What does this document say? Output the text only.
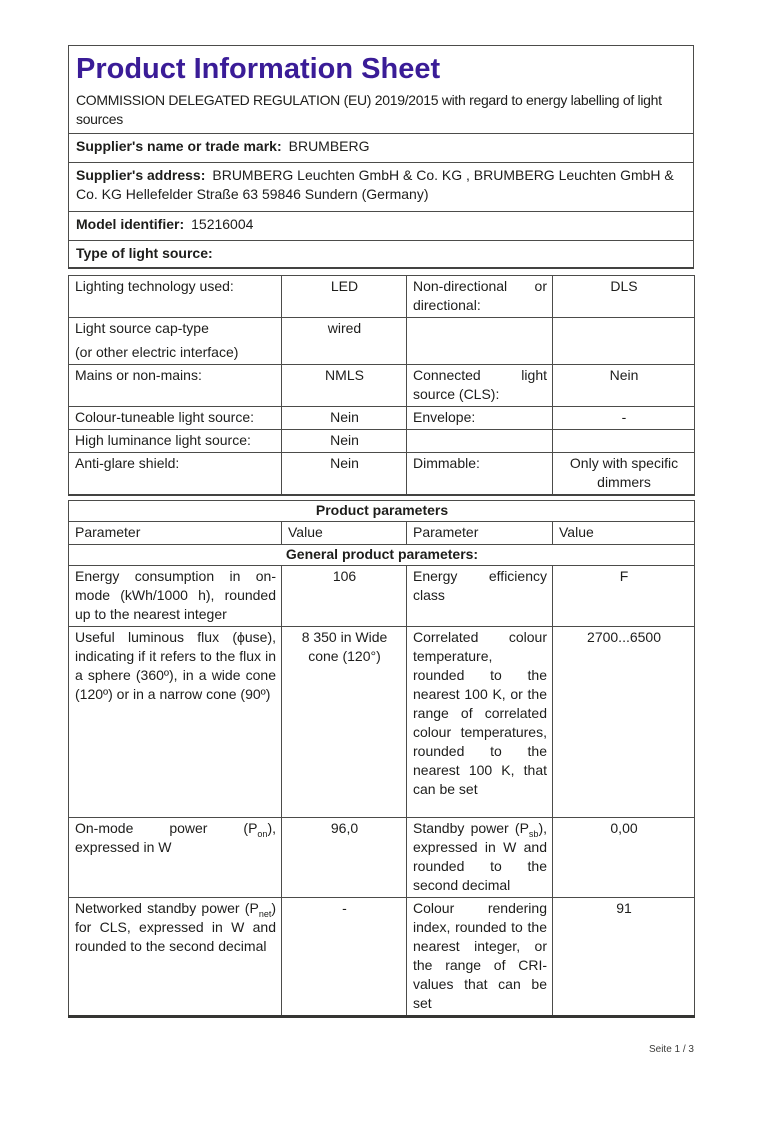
Product Information Sheet
COMMISSION DELEGATED REGULATION (EU) 2019/2015 with regard to energy labelling of light sources

Supplier's name or trade mark: BRUMBERG
Supplier's address: BRUMBERG Leuchten GmbH & Co. KG , BRUMBERG Leuchten GmbH & Co. KG Hellefelder Straße 63 59846 Sundern (Germany)
Model identifier: 15216004
Type of light source:
Lighting technology used:	LED	Non-directional or directional:	DLS

Light source cap-type
(or other electric interface)	wired		
Mains or non-mains:	NMLS	Connected light source (CLS):	Nein
Colour-tuneable light source:	Nein	Envelope:	-
High luminance light source:	Nein		
Anti-glare shield:	Nein	Dimmable:	Only with specific dimmers
Product parameters			
Parameter	Value	Parameter	Value
General product parameters:			
Energy consumption in on-mode (kWh/1000 h), rounded up to the nearest integer	106	Energy efficiency class	F
Useful luminous flux (ϕuse), indicating if it refers to the flux in a sphere (360º), in a wide cone (120º) or in a narrow cone (90º)	8 350 in Wide cone (120°)	Correlated colour temperature, rounded to the nearest 100 K, or the range of correlated colour temperatures, rounded to the nearest 100 K, that can be set	2700...6500
On-mode power $(P_{on})$, expressed in W	96,0	Standby power $(P_{sb})$, expressed in W and rounded to the second decimal	0,00
Networked standby power $(P_{net})$ for CLS, expressed in W and rounded to the second decimal	-	Colour rendering index, rounded to the nearest integer, or the range of CRI-values that can be set	91
Seite 1 / 3
